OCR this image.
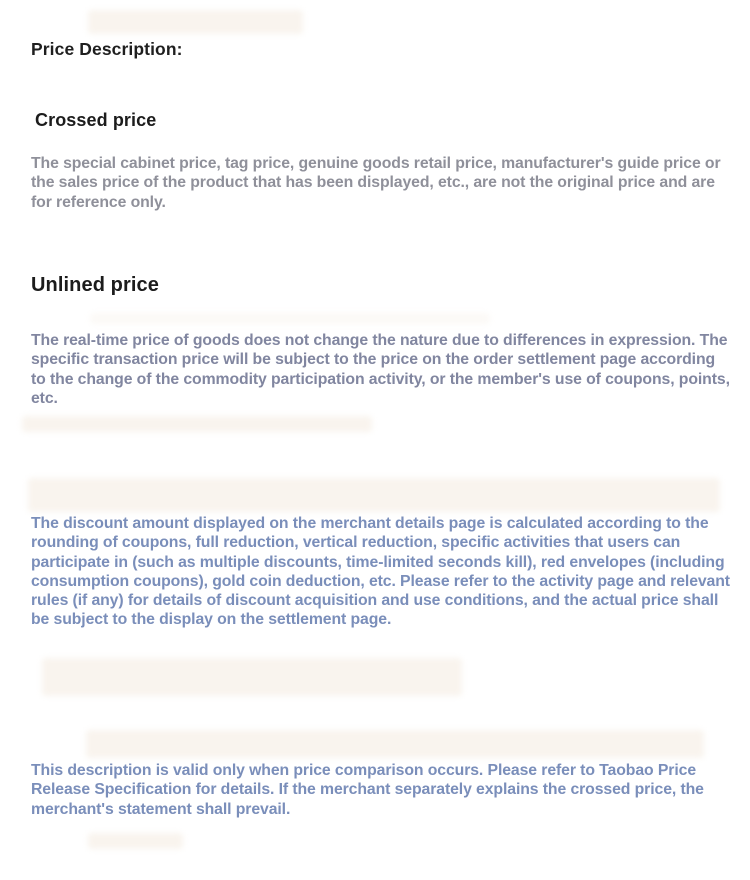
Price Description:
Crossed price

The special cabinet price, tag price, genuine goods retail price, manufacturer's guide price or the sales price of the product that has been displayed, etc., are not the original price and are for reference only.

Unlined price

The real-time price of goods does not change the nature due to differences in expression. The specific transaction price will be subject to the price on the order settlement page according to the change of the commodity participation activity, or the member's use of coupons, points, etc.

The discount amount displayed on the merchant details page is calculated according to the rounding of coupons, full reduction, vertical reduction, specific activities that users can participate in (such as multiple discounts, time-limited seconds kill), red envelopes (including consumption coupons), gold coin deduction, etc. Please refer to the activity page and relevant rules (if any) for details of discount acquisition and use conditions, and the actual price shall be subject to the display on the settlement page.

This description is valid only when price comparison occurs. Please refer to Taobao Price Release Specification for details. If the merchant separately explains the crossed price, the merchant's statement shall prevail.
